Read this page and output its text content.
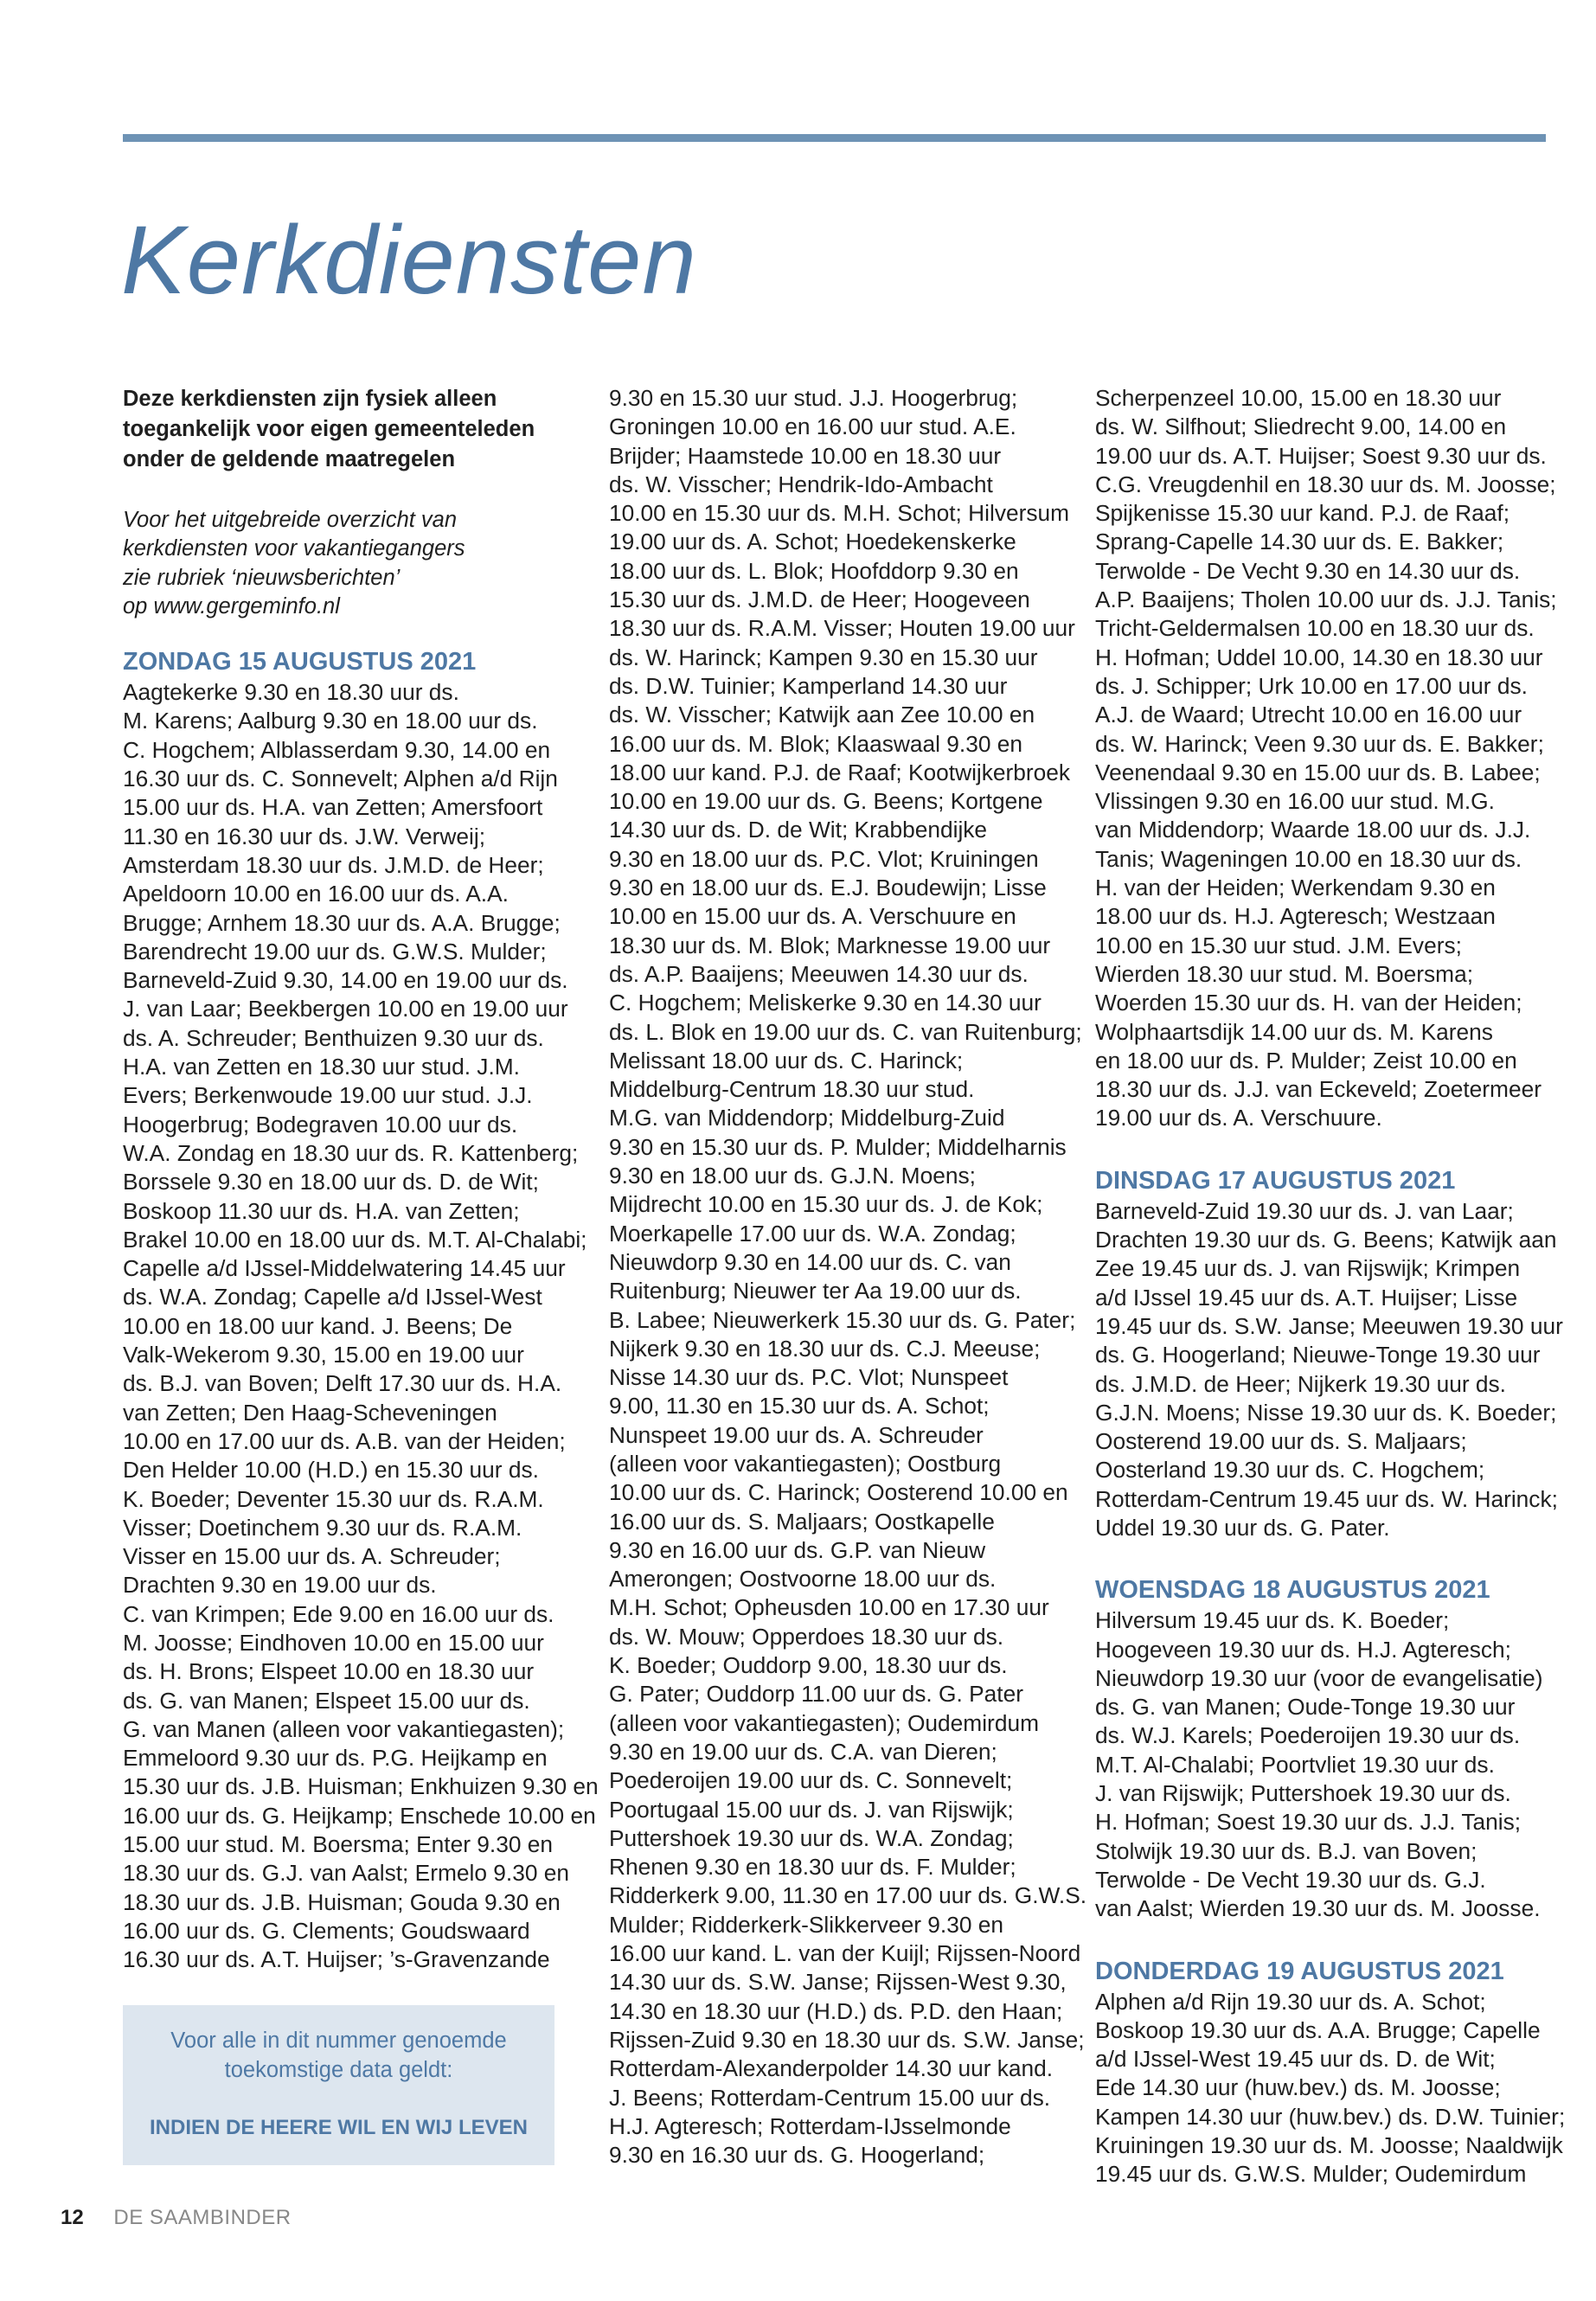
Kerkdiensten

Deze kerkdiensten zijn fysiek alleen
toegankelijk voor eigen gemeenteleden
onder de geldende maatregelen

Voor het uitgebreide overzicht van
kerkdiensten voor vakantiegangers
zie rubriek ‘nieuwsberichten’
op www.gergeminfo.nl

ZONDAG 15 AUGUSTUS 2021

Aagtekerke 9.30 en 18.30 uur ds.
M. Karens; Aalburg 9.30 en 18.00 uur ds.
C. Hogchem; Alblasserdam 9.30, 14.00 en
16.30 uur ds. C. Sonnevelt; Alphen a/d Rijn
15.00 uur ds. H.A. van Zetten; Amersfoort
11.30 en 16.30 uur ds. J.W. Verweij;
Amsterdam 18.30 uur ds. J.M.D. de Heer;
Apeldoorn 10.00 en 16.00 uur ds. A.A.
Brugge; Arnhem 18.30 uur ds. A.A. Brugge;
Barendrecht 19.00 uur ds. G.W.S. Mulder;
Barneveld-Zuid 9.30, 14.00 en 19.00 uur ds.
J. van Laar; Beekbergen 10.00 en 19.00 uur
ds. A. Schreuder; Benthuizen 9.30 uur ds.
H.A. van Zetten en 18.30 uur stud. J.M.
Evers; Berkenwoude 19.00 uur stud. J.J.
Hoogerbrug; Bodegraven 10.00 uur ds.
W.A. Zondag en 18.30 uur ds. R. Kattenberg;
Borssele 9.30 en 18.00 uur ds. D. de Wit;
Boskoop 11.30 uur ds. H.A. van Zetten;
Brakel 10.00 en 18.00 uur ds. M.T. Al-Chalabi;
Capelle a/d IJssel-Middelwatering 14.45 uur
ds. W.A. Zondag; Capelle a/d IJssel-West
10.00 en 18.00 uur kand. J. Beens; De
Valk-Wekerom 9.30, 15.00 en 19.00 uur
ds. B.J. van Boven; Delft 17.30 uur ds. H.A.
van Zetten; Den Haag-Scheveningen
10.00 en 17.00 uur ds. A.B. van der Heiden;
Den Helder 10.00 (H.D.) en 15.30 uur ds.
K. Boeder; Deventer 15.30 uur ds. R.A.M.
Visser; Doetinchem 9.30 uur ds. R.A.M.
Visser en 15.00 uur ds. A. Schreuder;
Drachten 9.30 en 19.00 uur ds.
C. van Krimpen; Ede 9.00 en 16.00 uur ds.
M. Joosse; Eindhoven 10.00 en 15.00 uur
ds. H. Brons; Elspeet 10.00 en 18.30 uur
ds. G. van Manen; Elspeet 15.00 uur ds.
G. van Manen (alleen voor vakantiegasten);
Emmeloord 9.30 uur ds. P.G. Heijkamp en
15.30 uur ds. J.B. Huisman; Enkhuizen 9.30 en
16.00 uur ds. G. Heijkamp; Enschede 10.00 en
15.00 uur stud. M. Boersma; Enter 9.30 en
18.30 uur ds. G.J. van Aalst; Ermelo 9.30 en
18.30 uur ds. J.B. Huisman; Gouda 9.30 en
16.00 uur ds. G. Clements; Goudswaard
16.30 uur ds. A.T. Huijser; ’s-Gravenzande

9.30 en 15.30 uur stud. J.J. Hoogerbrug;
Groningen 10.00 en 16.00 uur stud. A.E.
Brijder; Haamstede 10.00 en 18.30 uur
ds. W. Visscher; Hendrik-Ido-Ambacht
10.00 en 15.30 uur ds. M.H. Schot; Hilversum
19.00 uur ds. A. Schot; Hoedekenskerke
18.00 uur ds. L. Blok; Hoofddorp 9.30 en
15.30 uur ds. J.M.D. de Heer; Hoogeveen
18.30 uur ds. R.A.M. Visser; Houten 19.00 uur
ds. W. Harinck; Kampen 9.30 en 15.30 uur
ds. D.W. Tuinier; Kamperland 14.30 uur
ds. W. Visscher; Katwijk aan Zee 10.00 en
16.00 uur ds. M. Blok; Klaaswaal 9.30 en
18.00 uur kand. P.J. de Raaf; Kootwijkerbroek
10.00 en 19.00 uur ds. G. Beens; Kortgene
14.30 uur ds. D. de Wit; Krabbendijke
9.30 en 18.00 uur ds. P.C. Vlot; Kruiningen
9.30 en 18.00 uur ds. E.J. Boudewijn; Lisse
10.00 en 15.00 uur ds. A. Verschuure en
18.30 uur ds. M. Blok; Marknesse 19.00 uur
ds. A.P. Baaijens; Meeuwen 14.30 uur ds.
C. Hogchem; Meliskerke 9.30 en 14.30 uur
ds. L. Blok en 19.00 uur ds. C. van Ruitenburg;
Melissant 18.00 uur ds. C. Harinck;
Middelburg-Centrum 18.30 uur stud.
M.G. van Middendorp; Middelburg-Zuid
9.30 en 15.30 uur ds. P. Mulder; Middelharnis
9.30 en 18.00 uur ds. G.J.N. Moens;
Mijdrecht 10.00 en 15.30 uur ds. J. de Kok;
Moerkapelle 17.00 uur ds. W.A. Zondag;
Nieuwdorp 9.30 en 14.00 uur ds. C. van
Ruitenburg; Nieuwer ter Aa 19.00 uur ds.
B. Labee; Nieuwerkerk 15.30 uur ds. G. Pater;
Nijkerk 9.30 en 18.30 uur ds. C.J. Meeuse;
Nisse 14.30 uur ds. P.C. Vlot; Nunspeet
9.00, 11.30 en 15.30 uur ds. A. Schot;
Nunspeet 19.00 uur ds. A. Schreuder
(alleen voor vakantiegasten); Oostburg
10.00 uur ds. C. Harinck; Oosterend 10.00 en
16.00 uur ds. S. Maljaars; Oostkapelle
9.30 en 16.00 uur ds. G.P. van Nieuw
Amerongen; Oostvoorne 18.00 uur ds.
M.H. Schot; Opheusden 10.00 en 17.30 uur
ds. W. Mouw; Opperdoes 18.30 uur ds.
K. Boeder; Ouddorp 9.00, 18.30 uur ds.
G. Pater; Ouddorp 11.00 uur ds. G. Pater
(alleen voor vakantiegasten); Oudemirdum
9.30 en 19.00 uur ds. C.A. van Dieren;
Poederoijen 19.00 uur ds. C. Sonnevelt;
Poortugaal 15.00 uur ds. J. van Rijswijk;
Puttershoek 19.30 uur ds. W.A. Zondag;
Rhenen 9.30 en 18.30 uur ds. F. Mulder;
Ridderkerk 9.00, 11.30 en 17.00 uur ds. G.W.S.
Mulder; Ridderkerk-Slikkerveer 9.30 en
16.00 uur kand. L. van der Kuijl; Rijssen-Noord
14.30 uur ds. S.W. Janse; Rijssen-West 9.30,
14.30 en 18.30 uur (H.D.) ds. P.D. den Haan;
Rijssen-Zuid 9.30 en 18.30 uur ds. S.W. Janse;
Rotterdam-Alexanderpolder 14.30 uur kand.
J. Beens; Rotterdam-Centrum 15.00 uur ds.
H.J. Agteresch; Rotterdam-IJsselmonde
9.30 en 16.30 uur ds. G. Hoogerland;

Scherpenzeel 10.00, 15.00 en 18.30 uur
ds. W. Silfhout; Sliedrecht 9.00, 14.00 en
19.00 uur ds. A.T. Huijser; Soest 9.30 uur ds.
C.G. Vreugdenhil en 18.30 uur ds. M. Joosse;
Spijkenisse 15.30 uur kand. P.J. de Raaf;
Sprang-Capelle 14.30 uur ds. E. Bakker;
Terwolde - De Vecht 9.30 en 14.30 uur ds.
A.P. Baaijens; Tholen 10.00 uur ds. J.J. Tanis;
Tricht-Geldermalsen 10.00 en 18.30 uur ds.
H. Hofman; Uddel 10.00, 14.30 en 18.30 uur
ds. J. Schipper; Urk 10.00 en 17.00 uur ds.
A.J. de Waard; Utrecht 10.00 en 16.00 uur
ds. W. Harinck; Veen 9.30 uur ds. E. Bakker;
Veenendaal 9.30 en 15.00 uur ds. B. Labee;
Vlissingen 9.30 en 16.00 uur stud. M.G.
van Middendorp; Waarde 18.00 uur ds. J.J.
Tanis; Wageningen 10.00 en 18.30 uur ds.
H. van der Heiden; Werkendam 9.30 en
18.00 uur ds. H.J. Agteresch; Westzaan
10.00 en 15.30 uur stud. J.M. Evers;
Wierden 18.30 uur stud. M. Boersma;
Woerden 15.30 uur ds. H. van der Heiden;
Wolphaartsdijk 14.00 uur ds. M. Karens
en 18.00 uur ds. P. Mulder; Zeist 10.00 en
18.30 uur ds. J.J. van Eckeveld; Zoetermeer
19.00 uur ds. A. Verschuure.

DINSDAG 17 AUGUSTUS 2021

Barneveld-Zuid 19.30 uur ds. J. van Laar;
Drachten 19.30 uur ds. G. Beens; Katwijk aan
Zee 19.45 uur ds. J. van Rijswijk; Krimpen
a/d IJssel 19.45 uur ds. A.T. Huijser; Lisse
19.45 uur ds. S.W. Janse; Meeuwen 19.30 uur
ds. G. Hoogerland; Nieuwe-Tonge 19.30 uur
ds. J.M.D. de Heer; Nijkerk 19.30 uur ds.
G.J.N. Moens; Nisse 19.30 uur ds. K. Boeder;
Oosterend 19.00 uur ds. S. Maljaars;
Oosterland 19.30 uur ds. C. Hogchem;
Rotterdam-Centrum 19.45 uur ds. W. Harinck;
Uddel 19.30 uur ds. G. Pater.

WOENSDAG 18 AUGUSTUS 2021

Hilversum 19.45 uur ds. K. Boeder;
Hoogeveen 19.30 uur ds. H.J. Agteresch;
Nieuwdorp 19.30 uur (voor de evangelisatie)
ds. G. van Manen; Oude-Tonge 19.30 uur
ds. W.J. Karels; Poederoijen 19.30 uur ds.
M.T. Al-Chalabi; Poortvliet 19.30 uur ds.
J. van Rijswijk; Puttershoek 19.30 uur ds.
H. Hofman; Soest 19.30 uur ds. J.J. Tanis;
Stolwijk 19.30 uur ds. B.J. van Boven;
Terwolde - De Vecht 19.30 uur ds. G.J.
van Aalst; Wierden 19.30 uur ds. M. Joosse.

DONDERDAG 19 AUGUSTUS 2021

Alphen a/d Rijn 19.30 uur ds. A. Schot;
Boskoop 19.30 uur ds. A.A. Brugge; Capelle
a/d IJssel-West 19.45 uur ds. D. de Wit;
Ede 14.30 uur (huw.bev.) ds. M. Joosse;
Kampen 14.30 uur (huw.bev.) ds. D.W. Tuinier;
Kruiningen 19.30 uur ds. M. Joosse; Naaldwijk
19.45 uur ds. G.W.S. Mulder; Oudemirdum

Voor alle in dit nummer genoemde
toekomstige data geldt:
INDIEN DE HEERE WIL EN WIJ LEVEN
12 DE SAAMBINDER
